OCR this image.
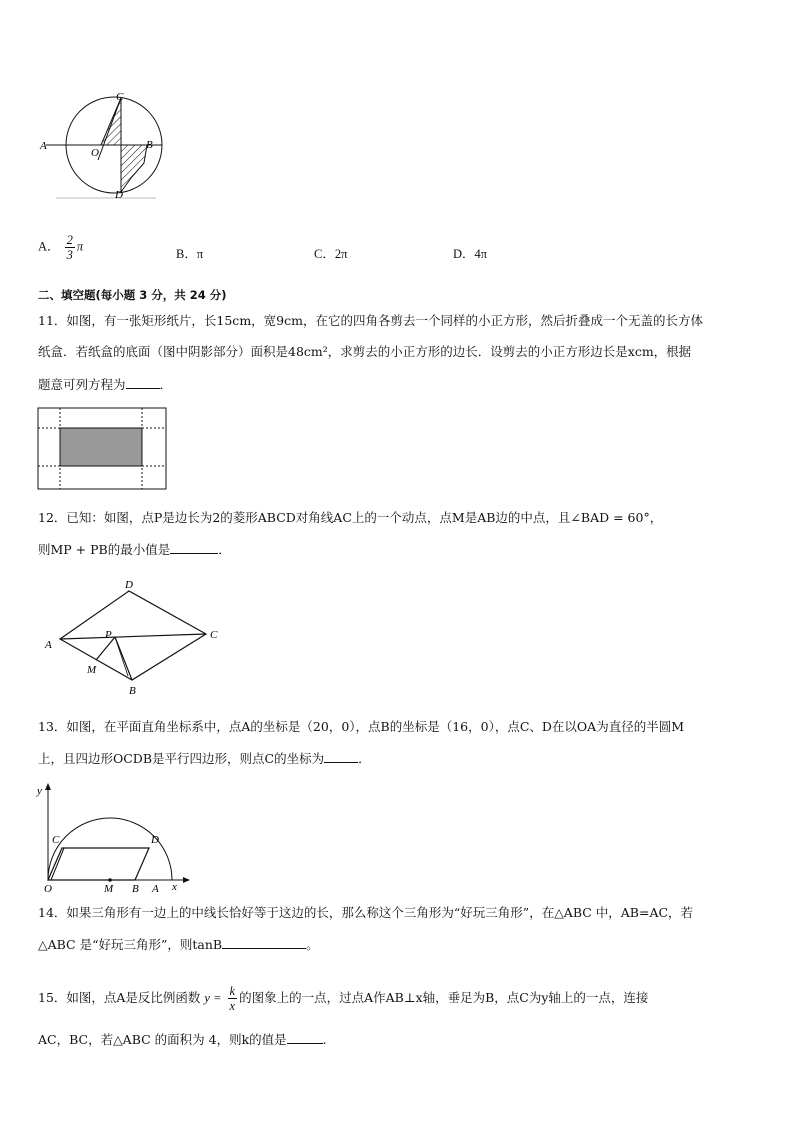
C
A
O
B
D
A． $\frac{2}{3}$ π
B．π	C．2π	D．4π
二、填空题(每小题 3 分，共 24 分)
11．如图，有一张矩形纸片，长15cm，宽9cm，在它的四角各剪去一个同样的小正方形，然后折叠成一个无盖的长方体
纸盒．若纸盒的底面（图中阴影部分）面积是48cm²，求剪去的小正方形的边长．设剪去的小正方形边长是xcm，根据
题意可列方程为	．
12．已知：如图，点P是边长为2的菱形ABCD对角线AC上的一个动点，点M是AB边的中点，且∠BAD = 60°，
则MP + PB的最小值是	．
D
A
P	C
M
B
13．如图，在平面直角坐标系中，点A的坐标是（20，0），点B的坐标是（16，0），点C、D在以OA为直径的半圆M
上，且四边形OCDB是平行四边形，则点C的坐标为	．
y
C	D
O	M B A x
14．如果三角形有一边上的中线长恰好等于这边的长，那么称这个三角形为“好玩三角形”，在△ABC 中，AB=AC，若
△ABC 是“好玩三角形”，则tanB	。
15．如图，点A是反比例函数 $y = \frac{k}{x}$ 的图象上的一点，过点A作AB⊥x轴，垂足为B，点C为y轴上的一点，连接
AC，BC，若△ABC 的面积为 4，则k的值是	.
